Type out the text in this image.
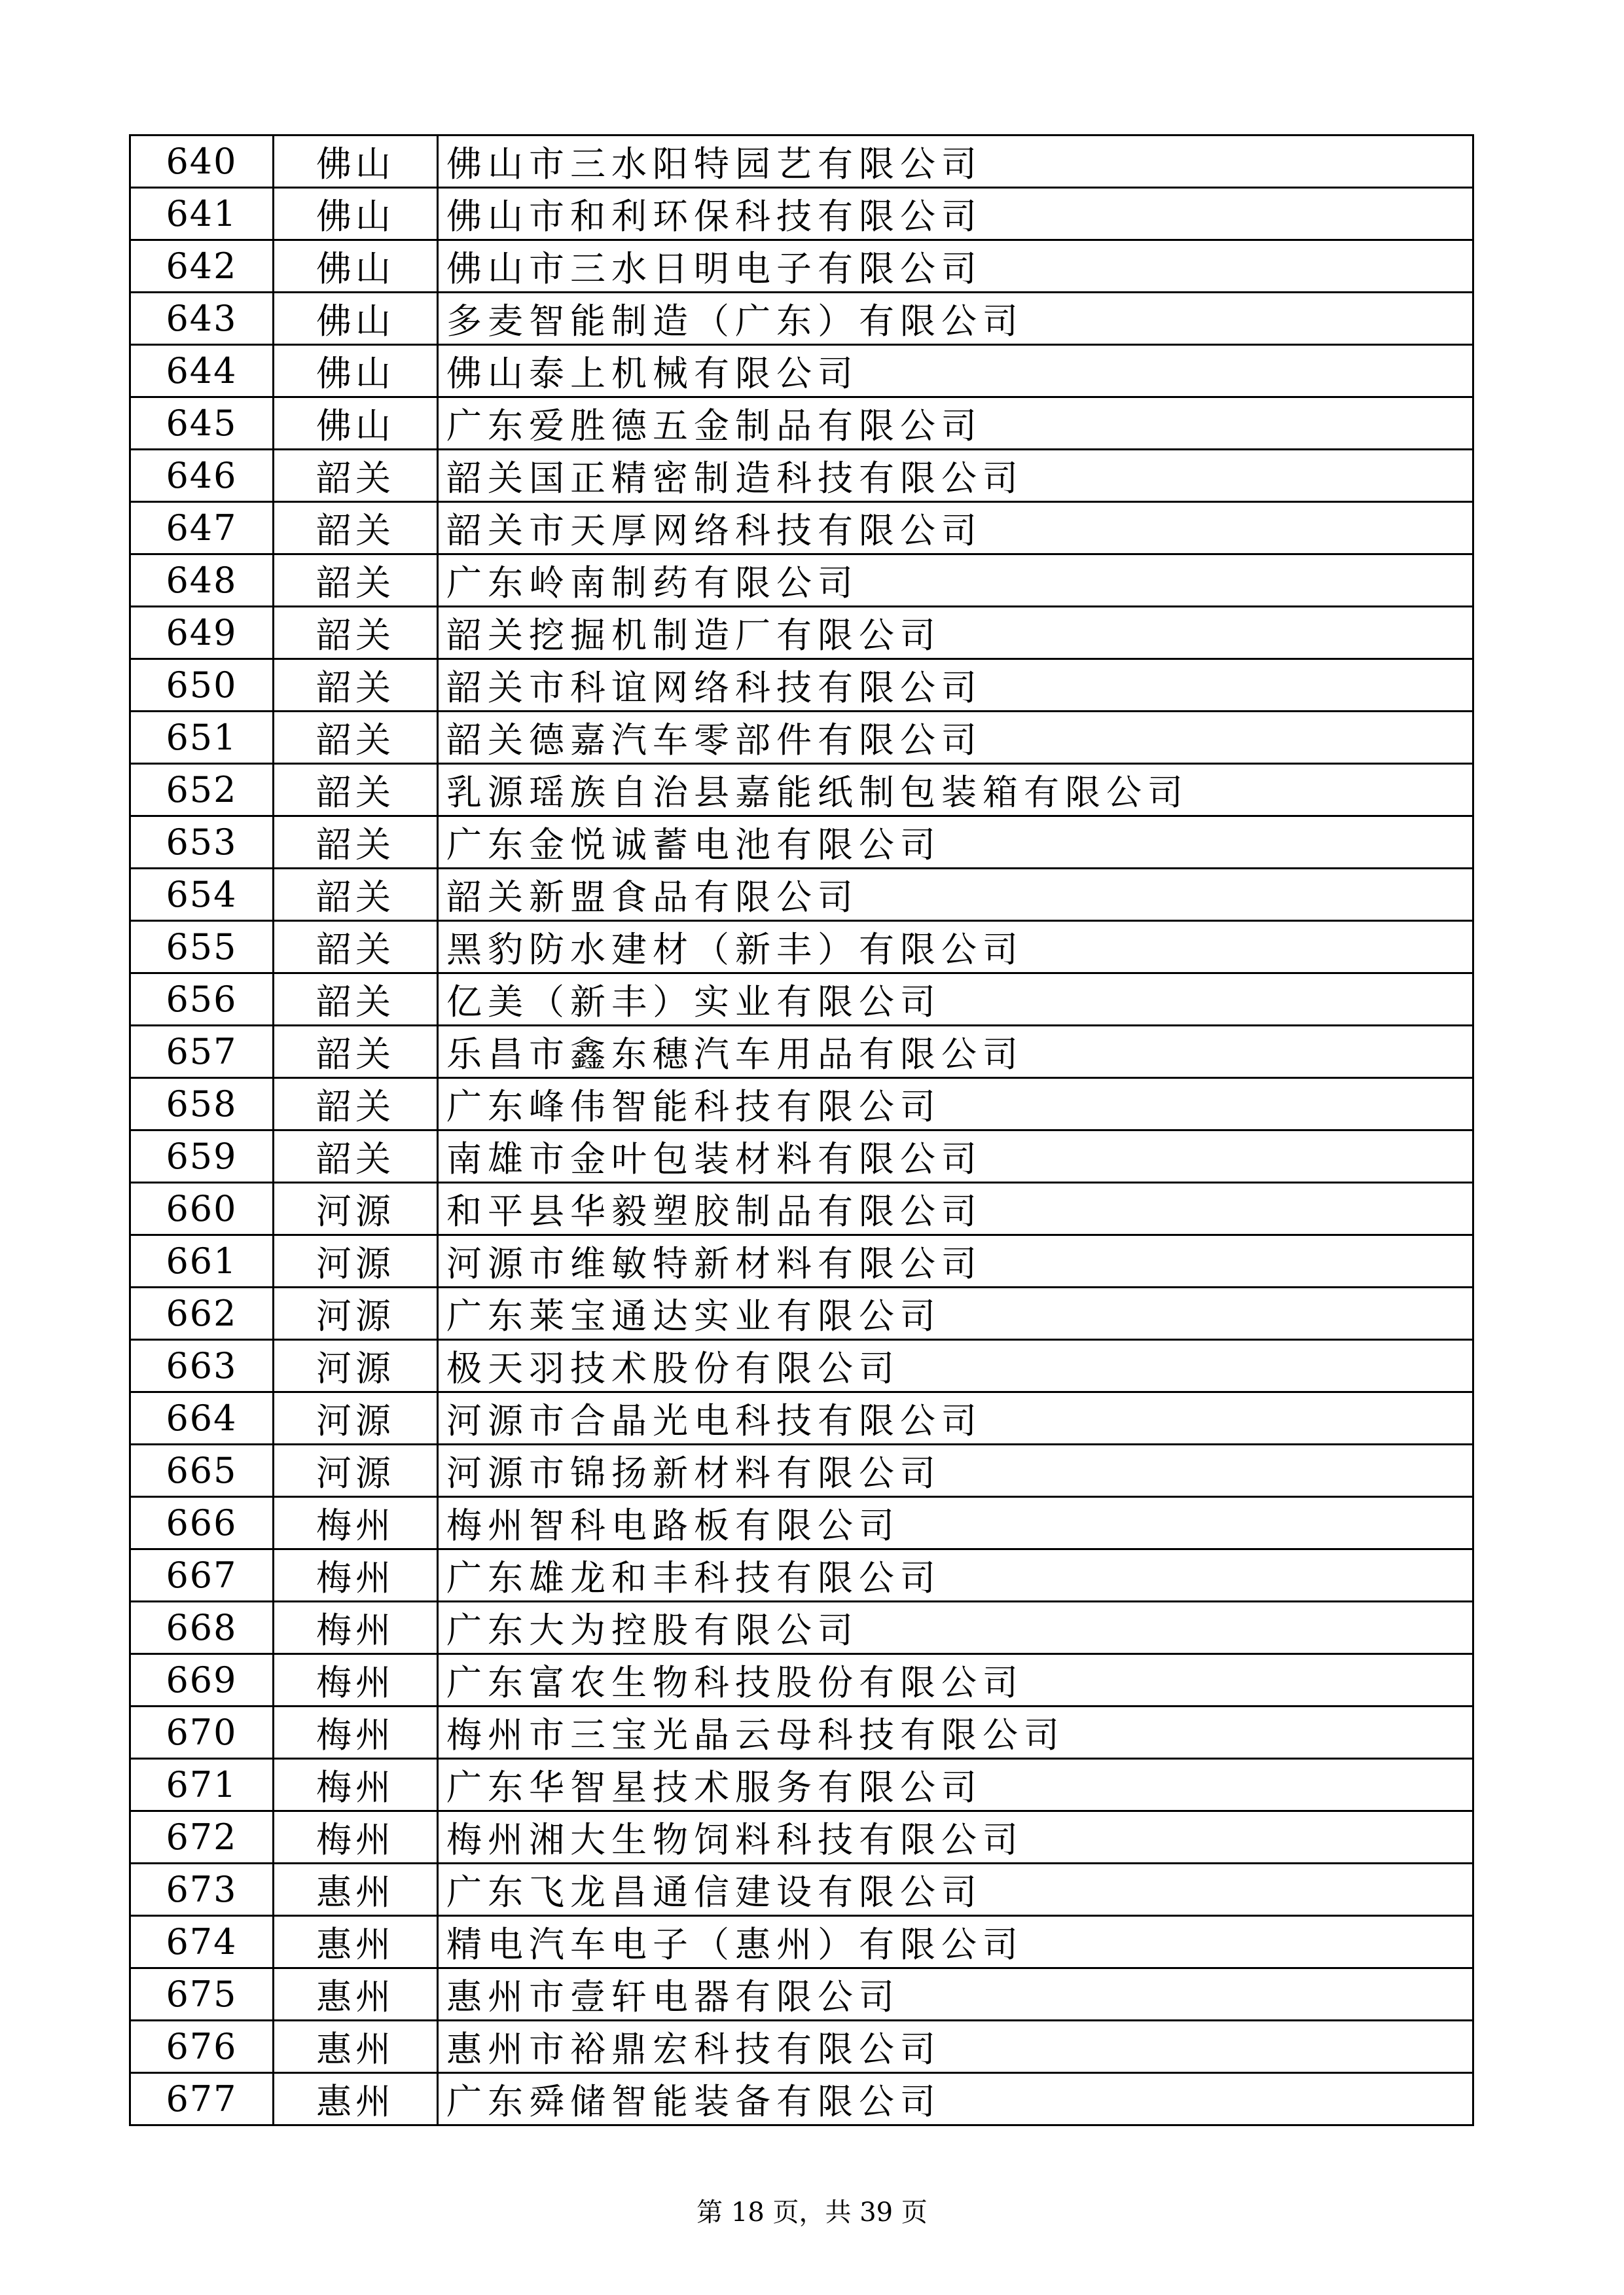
640	佛山	佛山市三水阳特园艺有限公司
641	佛山	佛山市和利环保科技有限公司
642	佛山	佛山市三水日明电子有限公司
643	佛山	多麦智能制造（广东）有限公司
644	佛山	佛山泰上机械有限公司
645	佛山	广东爱胜德五金制品有限公司
646	韶关	韶关国正精密制造科技有限公司
647	韶关	韶关市天厚网络科技有限公司
648	韶关	广东岭南制药有限公司
649	韶关	韶关挖掘机制造厂有限公司
650	韶关	韶关市科谊网络科技有限公司
651	韶关	韶关德嘉汽车零部件有限公司
652	韶关	乳源瑶族自治县嘉能纸制包装箱有限公司
653	韶关	广东金悦诚蓄电池有限公司
654	韶关	韶关新盟食品有限公司
655	韶关	黑豹防水建材（新丰）有限公司
656	韶关	亿美（新丰）实业有限公司
657	韶关	乐昌市鑫东穗汽车用品有限公司
658	韶关	广东峰伟智能科技有限公司
659	韶关	南雄市金叶包装材料有限公司
660	河源	和平县华毅塑胶制品有限公司
661	河源	河源市维敏特新材料有限公司
662	河源	广东莱宝通达实业有限公司
663	河源	极天羽技术股份有限公司
664	河源	河源市合晶光电科技有限公司
665	河源	河源市锦扬新材料有限公司
666	梅州	梅州智科电路板有限公司
667	梅州	广东雄龙和丰科技有限公司
668	梅州	广东大为控股有限公司
669	梅州	广东富农生物科技股份有限公司
670	梅州	梅州市三宝光晶云母科技有限公司
671	梅州	广东华智星技术服务有限公司
672	梅州	梅州湘大生物饲料科技有限公司
673	惠州	广东飞龙昌通信建设有限公司
674	惠州	精电汽车电子（惠州）有限公司
675	惠州	惠州市壹轩电器有限公司
676	惠州	惠州市裕鼎宏科技有限公司
677	惠州	广东舜储智能装备有限公司
第 18 页，共 39 页
